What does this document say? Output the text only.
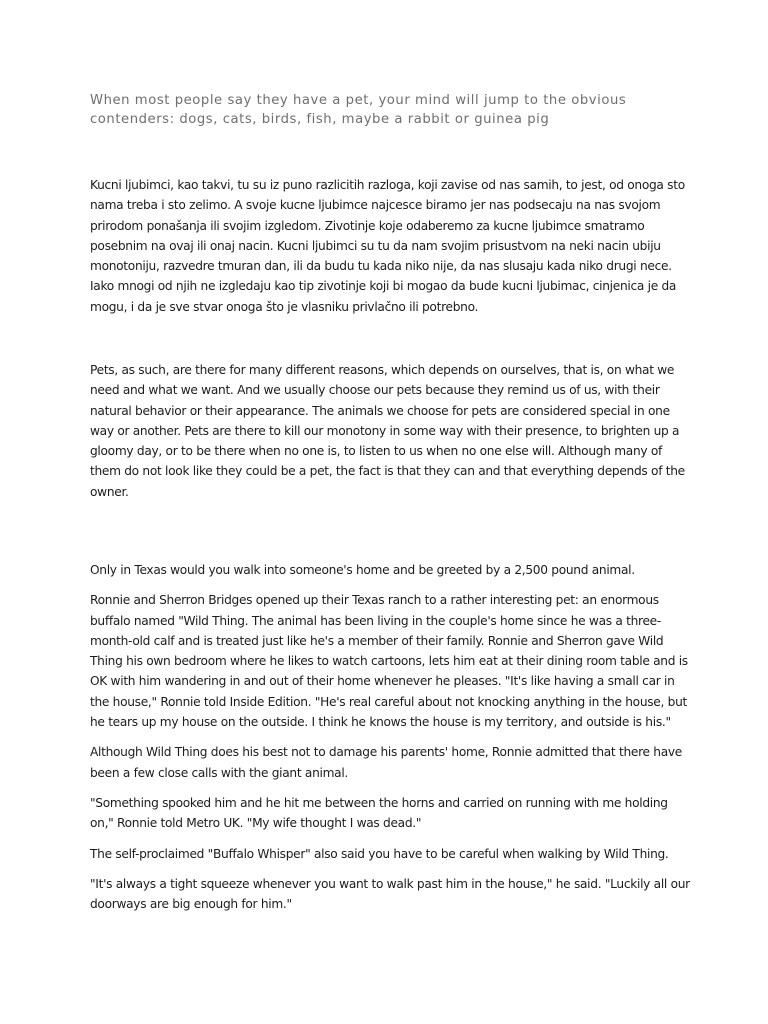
When most people say they have a pet, your mind will jump to the obvious contenders: dogs, cats, birds, fish, maybe a rabbit or guinea pig

Kucni ljubimci, kao takvi, tu su iz puno razlicitih razloga, koji zavise od nas samih, to jest, od onoga sto nama treba i sto zelimo. A svoje kucne ljubimce najcesce biramo jer nas podsecaju na nas svojom prirodom ponašanja ili svojim izgledom. Zivotinje koje odaberemo za kucne ljubimce smatramo posebnim na ovaj ili onaj nacin. Kucni ljubimci su tu da nam svojim prisustvom na neki nacin ubiju monotoniju, razvedre tmuran dan, ili da budu tu kada niko nije, da nas slusaju kada niko drugi nece. Iako mnogi od njih ne izgledaju kao tip zivotinje koji bi mogao da bude kucni ljubimac, cinjenica je da mogu, i da je sve stvar onoga što je vlasniku privlačno ili potrebno.

Pets, as such, are there for many different reasons, which depends on ourselves, that is, on what we need and what we want. And we usually choose our pets because they remind us of us, with their natural behavior or their appearance. The animals we choose for pets are considered special in one way or another. Pets are there to kill our monotony in some way with their presence, to brighten up a gloomy day, or to be there when no one is, to listen to us when no one else will. Although many of them do not look like they could be a pet, the fact is that they can and that everything depends of the owner.

Only in Texas would you walk into someone's home and be greeted by a 2,500 pound animal.

Ronnie and Sherron Bridges opened up their Texas ranch to a rather interesting pet: an enormous buffalo named "Wild Thing. The animal has been living in the couple's home since he was a three-month-old calf and is treated just like he's a member of their family. Ronnie and Sherron gave Wild Thing his own bedroom where he likes to watch cartoons, lets him eat at their dining room table and is OK with him wandering in and out of their home whenever he pleases. "It's like having a small car in the house," Ronnie told Inside Edition. "He's real careful about not knocking anything in the house, but he tears up my house on the outside. I think he knows the house is my territory, and outside is his."

Although Wild Thing does his best not to damage his parents' home, Ronnie admitted that there have been a few close calls with the giant animal.

"Something spooked him and he hit me between the horns and carried on running with me holding on," Ronnie told Metro UK. "My wife thought I was dead."

The self-proclaimed "Buffalo Whisper" also said you have to be careful when walking by Wild Thing.

"It's always a tight squeeze whenever you want to walk past him in the house," he said. "Luckily all our doorways are big enough for him."
